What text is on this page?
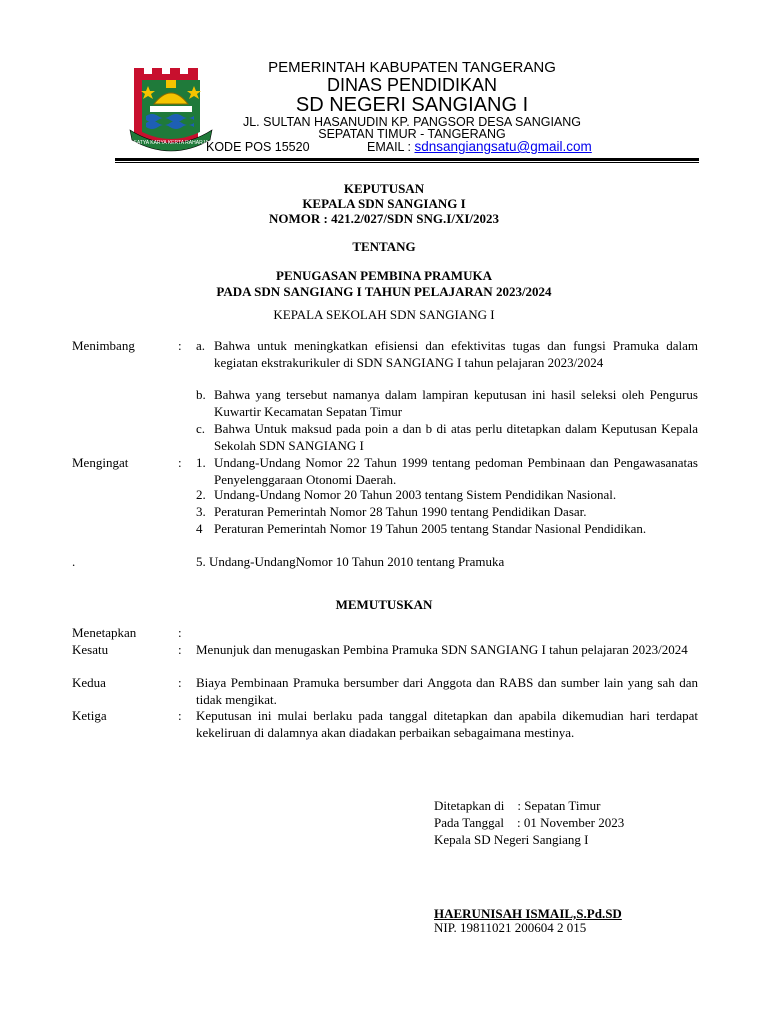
SATYA KARYA KERTA RAHARJA
PEMERINTAH KABUPATEN TANGERANG
DINAS PENDIDIKAN
SD NEGERI SANGIANG I
JL. SULTAN HASANUDIN KP. PANGSOR DESA SANGIANG
SEPATAN TIMUR - TANGERANG
KODE POS 15520	EMAIL : sdnsangiangsatu@gmail.com
KEPUTUSAN
KEPALA SDN SANGIANG I
NOMOR : 421.2/027/SDN SNG.I/XI/2023
TENTANG
PENUGASAN PEMBINA PRAMUKA
PADA SDN SANGIANG I TAHUN PELAJARAN 2023/2024
KEPALA SEKOLAH SDN SANGIANG I
Menimbang	: a. Bahwa untuk meningkatkan efisiensi dan efektivitas tugas dan fungsi Pramuka dalam kegiatan ekstrakurikuler di SDN SANGIANG I tahun pelajaran 2023/2024
b. Bahwa yang tersebut namanya dalam lampiran keputusan ini hasil seleksi oleh Pengurus Kuwartir Kecamatan Sepatan Timur
c. Bahwa Untuk maksud pada poin a dan b di atas perlu ditetapkan dalam Keputusan Kepala Sekolah SDN SANGIANG I
Mengingat	: 1. Undang-Undang Nomor 22 Tahun 1999 tentang pedoman Pembinaan dan Pengawasanatas Penyelenggaraan Otonomi Daerah.
2. Undang-Undang Nomor 20 Tahun 2003 tentang Sistem Pendidikan Nasional.
3. Peraturan Pemerintah Nomor 28 Tahun 1990 tentang Pendidikan Dasar.
4 Peraturan Pemerintah Nomor 19 Tahun 2005 tentang Standar Nasional Pendidikan.
.	5. Undang-UndangNomor 10 Tahun 2010 tentang Pramuka
MEMUTUSKAN
Menetapkan	:
Kesatu	: Menunjuk dan menugaskan Pembina Pramuka SDN SANGIANG I tahun pelajaran 2023/2024
Kedua	: Biaya Pembinaan Pramuka bersumber dari Anggota dan RABS dan sumber lain yang sah dan tidak mengikat.
Ketiga	: Keputusan ini mulai berlaku pada tanggal ditetapkan dan apabila dikemudian hari terdapat kekeliruan di dalamnya akan diadakan perbaikan sebagaimana mestinya.
Ditetapkan di    : Sepatan Timur
Pada Tanggal    : 01 November 2023
Kepala SD Negeri Sangiang I
HAERUNISAH ISMAIL,S.Pd.SD
NIP. 19811021 200604 2 015
